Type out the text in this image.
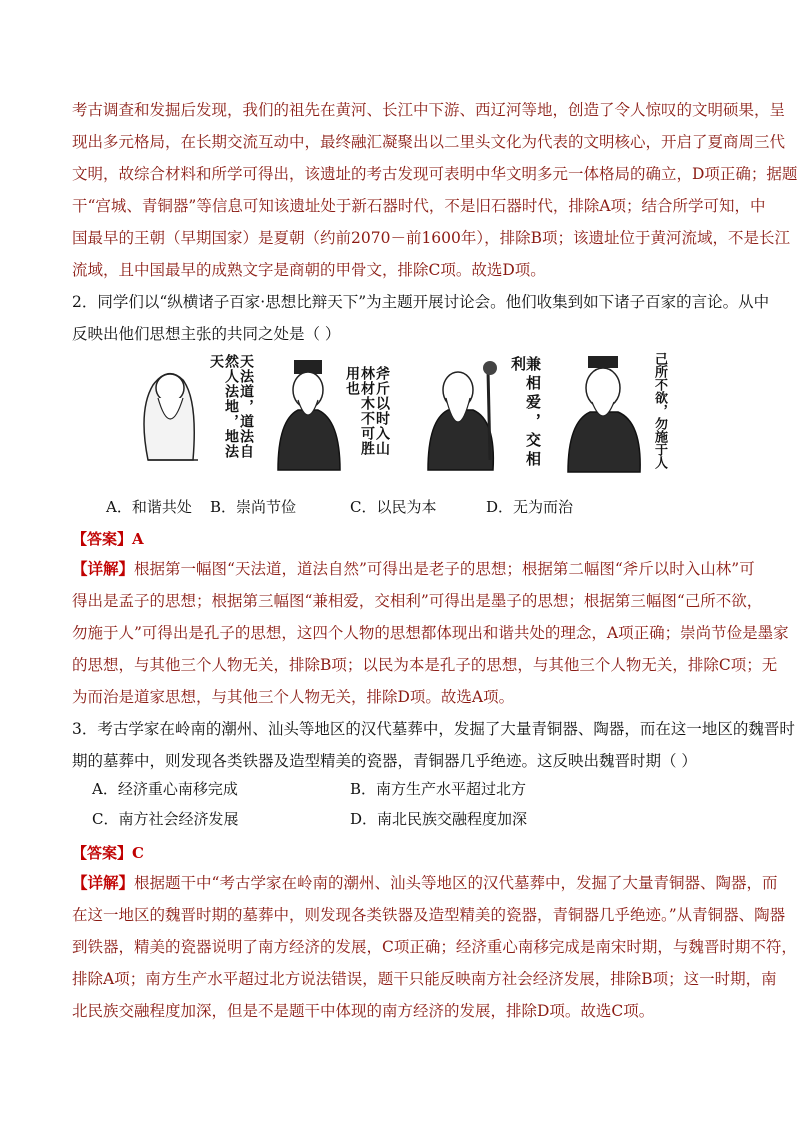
考古调查和发掘后发现，我们的祖先在黄河、长江中下游、西辽河等地，创造了令人惊叹的文明硕果，呈
现出多元格局，在长期交流互动中，最终融汇凝聚出以二里头文化为代表的文明核心，开启了夏商周三代
文明，故综合材料和所学可得出，该遗址的考古发现可表明中华文明多元一体格局的确立，D项正确；据题
干“宫城、青铜器”等信息可知该遗址处于新石器时代，不是旧石器时代，排除A项；结合所学可知，中
国最早的王朝（早期国家）是夏朝（约前2070－前1600年），排除B项；该遗址位于黄河流域，不是长江
流域，且中国最早的成熟文字是商朝的甲骨文，排除C项。故选D项。
2．同学们以“纵横诸子百家·思想比辩天下”为主题开展讨论会。他们收集到如下诸子百家的言论。从中
反映出他们思想主张的共同之处是（ ）
天法道，道法自然人法地，地法天
斧斤以时入山林材木不可胜用也	兼相爱，交相利	己所不欲，勿施于人
A．和谐共处 B．崇尚节俭	C．以民为本	D．无为而治
【答案】A
【详解】根据第一幅图“天法道，道法自然”可得出是老子的思想；根据第二幅图“斧斤以时入山林”可
得出是孟子的思想；根据第三幅图“兼相爱，交相利”可得出是墨子的思想；根据第三幅图“己所不欲，
勿施于人”可得出是孔子的思想，这四个人物的思想都体现出和谐共处的理念，A项正确；崇尚节俭是墨家
的思想，与其他三个人物无关，排除B项；以民为本是孔子的思想，与其他三个人物无关，排除C项；无
为而治是道家思想，与其他三个人物无关，排除D项。故选A项。
3．考古学家在岭南的潮州、汕头等地区的汉代墓葬中，发掘了大量青铜器、陶器，而在这一地区的魏晋时
期的墓葬中，则发现各类铁器及造型精美的瓷器，青铜器几乎绝迹。这反映出魏晋时期（ ）
A．经济重心南移完成	B．南方生产水平超过北方
C．南方社会经济发展	D．南北民族交融程度加深
【答案】C
【详解】根据题干中“考古学家在岭南的潮州、汕头等地区的汉代墓葬中，发掘了大量青铜器、陶器，而
在这一地区的魏晋时期的墓葬中，则发现各类铁器及造型精美的瓷器，青铜器几乎绝迹。”从青铜器、陶器
到铁器，精美的瓷器说明了南方经济的发展，C项正确；经济重心南移完成是南宋时期，与魏晋时期不符，
排除A项；南方生产水平超过北方说法错误，题干只能反映南方社会经济发展，排除B项；这一时期，南
北民族交融程度加深，但是不是题干中体现的南方经济的发展，排除D项。故选C项。
